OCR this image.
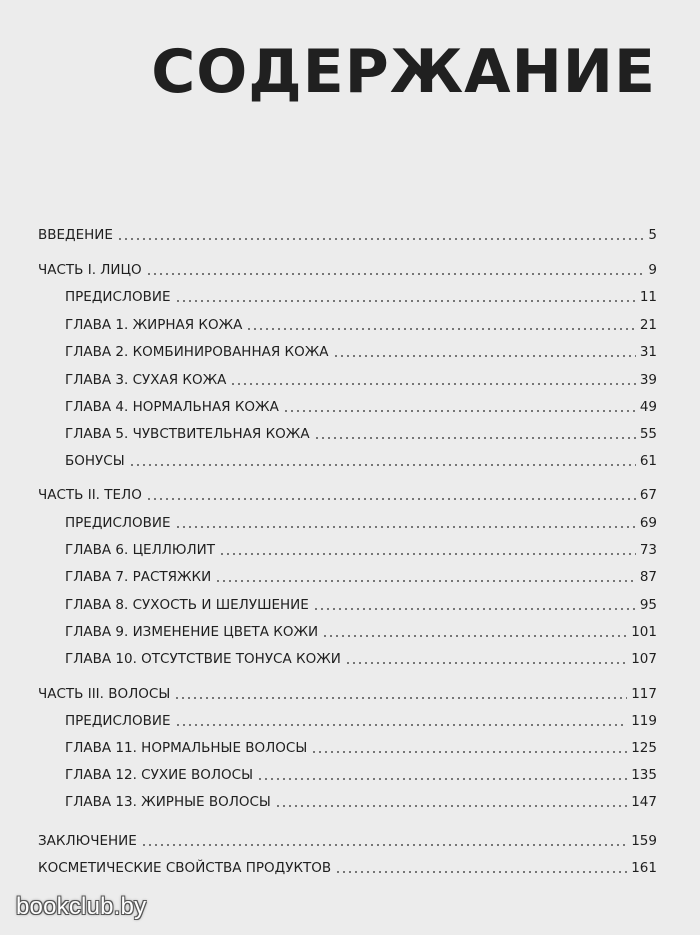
СОДЕРЖАНИЕ
ВВЕДЕНИЕ	5
ЧАСТЬ I. ЛИЦО	9
ПРЕДИСЛОВИЕ	11
ГЛАВА 1. ЖИРНАЯ КОЖА	21
ГЛАВА 2. КОМБИНИРОВАННАЯ КОЖА	31
ГЛАВА 3. СУХАЯ КОЖА	39
ГЛАВА 4. НОРМАЛЬНАЯ КОЖА	49
ГЛАВА 5. ЧУВСТВИТЕЛЬНАЯ КОЖА	55
БОНУСЫ	61
ЧАСТЬ II. ТЕЛО	67
ПРЕДИСЛОВИЕ	69
ГЛАВА 6. ЦЕЛЛЮЛИТ	73
ГЛАВА 7. РАСТЯЖКИ	87
ГЛАВА 8. СУХОСТЬ И ШЕЛУШЕНИЕ	95
ГЛАВА 9. ИЗМЕНЕНИЕ ЦВЕТА КОЖИ	101
ГЛАВА 10. ОТСУТСТВИЕ ТОНУСА КОЖИ	107
ЧАСТЬ III. ВОЛОСЫ	117
ПРЕДИСЛОВИЕ	119
ГЛАВА 11. НОРМАЛЬНЫЕ ВОЛОСЫ	125
ГЛАВА 12. СУХИЕ ВОЛОСЫ	135
ГЛАВА 13. ЖИРНЫЕ ВОЛОСЫ	147
ЗАКЛЮЧЕНИЕ	159
КОСМЕТИЧЕСКИЕ СВОЙСТВА ПРОДУКТОВ	161
bookclub.by
